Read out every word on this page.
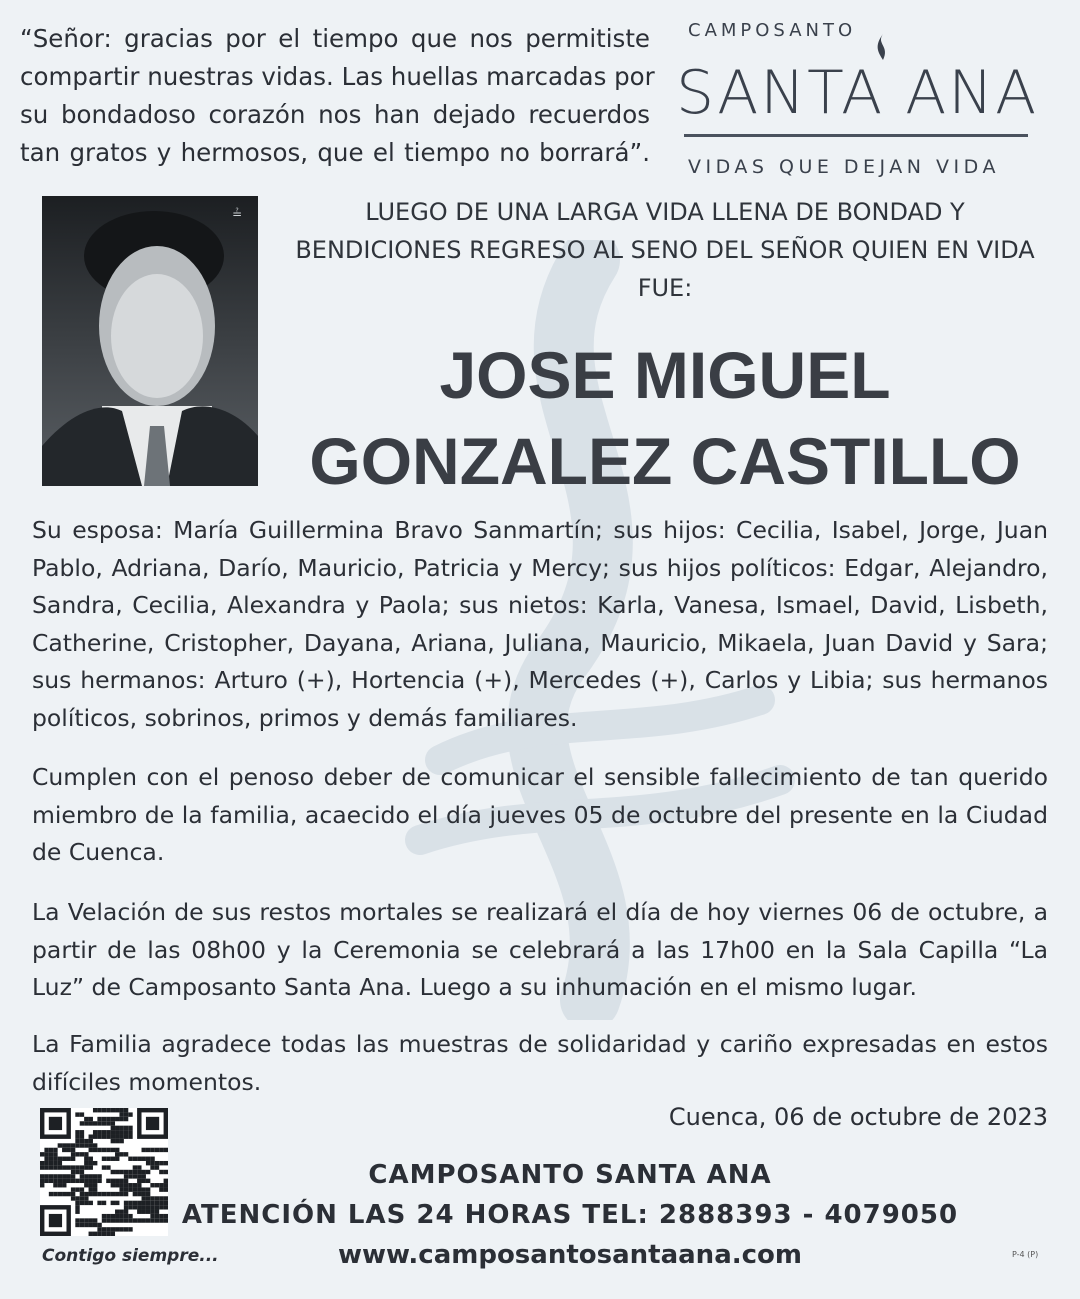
“Señor: gracias por el tiempo que nos permitiste
compartir nuestras vidas. Las huellas marcadas por
su bondadoso corazón nos han dejado recuerdos
tan gratos y hermosos, que el tiempo no borrará”.
CAMPOSANTO
SANTA ANA
VIDAS QUE DEJAN VIDA
≟	LUEGO DE UNA LARGA VIDA LLENA DE BONDAD Y BENDICIONES REGRESO AL SENO DEL SEÑOR QUIEN EN VIDA FUE:
JOSE MIGUEL
GONZALEZ CASTILLO
Su esposa: María Guillermina Bravo Sanmartín; sus hijos: Cecilia, Isabel, Jorge, Juan Pablo, Adriana, Darío, Mauricio, Patricia y Mercy; sus hijos políticos: Edgar, Alejandro, Sandra, Cecilia, Alexandra y Paola; sus nietos: Karla, Vanesa, Ismael, David, Lisbeth, Catherine, Cristopher, Dayana, Ariana, Juliana, Mauricio, Mikaela, Juan David y Sara; sus hermanos: Arturo (+), Hortencia (+), Mercedes (+), Carlos y Libia; sus hermanos políticos, sobrinos, primos y demás familiares.
Cumplen con el penoso deber de comunicar el sensible fallecimiento de tan querido miembro de la familia, acaecido el día jueves 05 de octubre del presente en la Ciudad de Cuenca.
La Velación de sus restos mortales se realizará el día de hoy viernes 06 de octubre, a partir de las 08h00 y la Ceremonia se celebrará a las 17h00 en la Sala Capilla “La Luz” de Camposanto Santa Ana. Luego a su inhumación en el mismo lugar.
La Familia agradece todas las muestras de solidaridad y cariño expresadas en estos difíciles momentos.
Cuenca, 06 de octubre de 2023
Contigo siempre...
CAMPOSANTO SANTA ANA
ATENCIÓN LAS 24 HORAS TEL: 2888393 - 4079050
www.camposantosantaana.com	P-4 (P)
